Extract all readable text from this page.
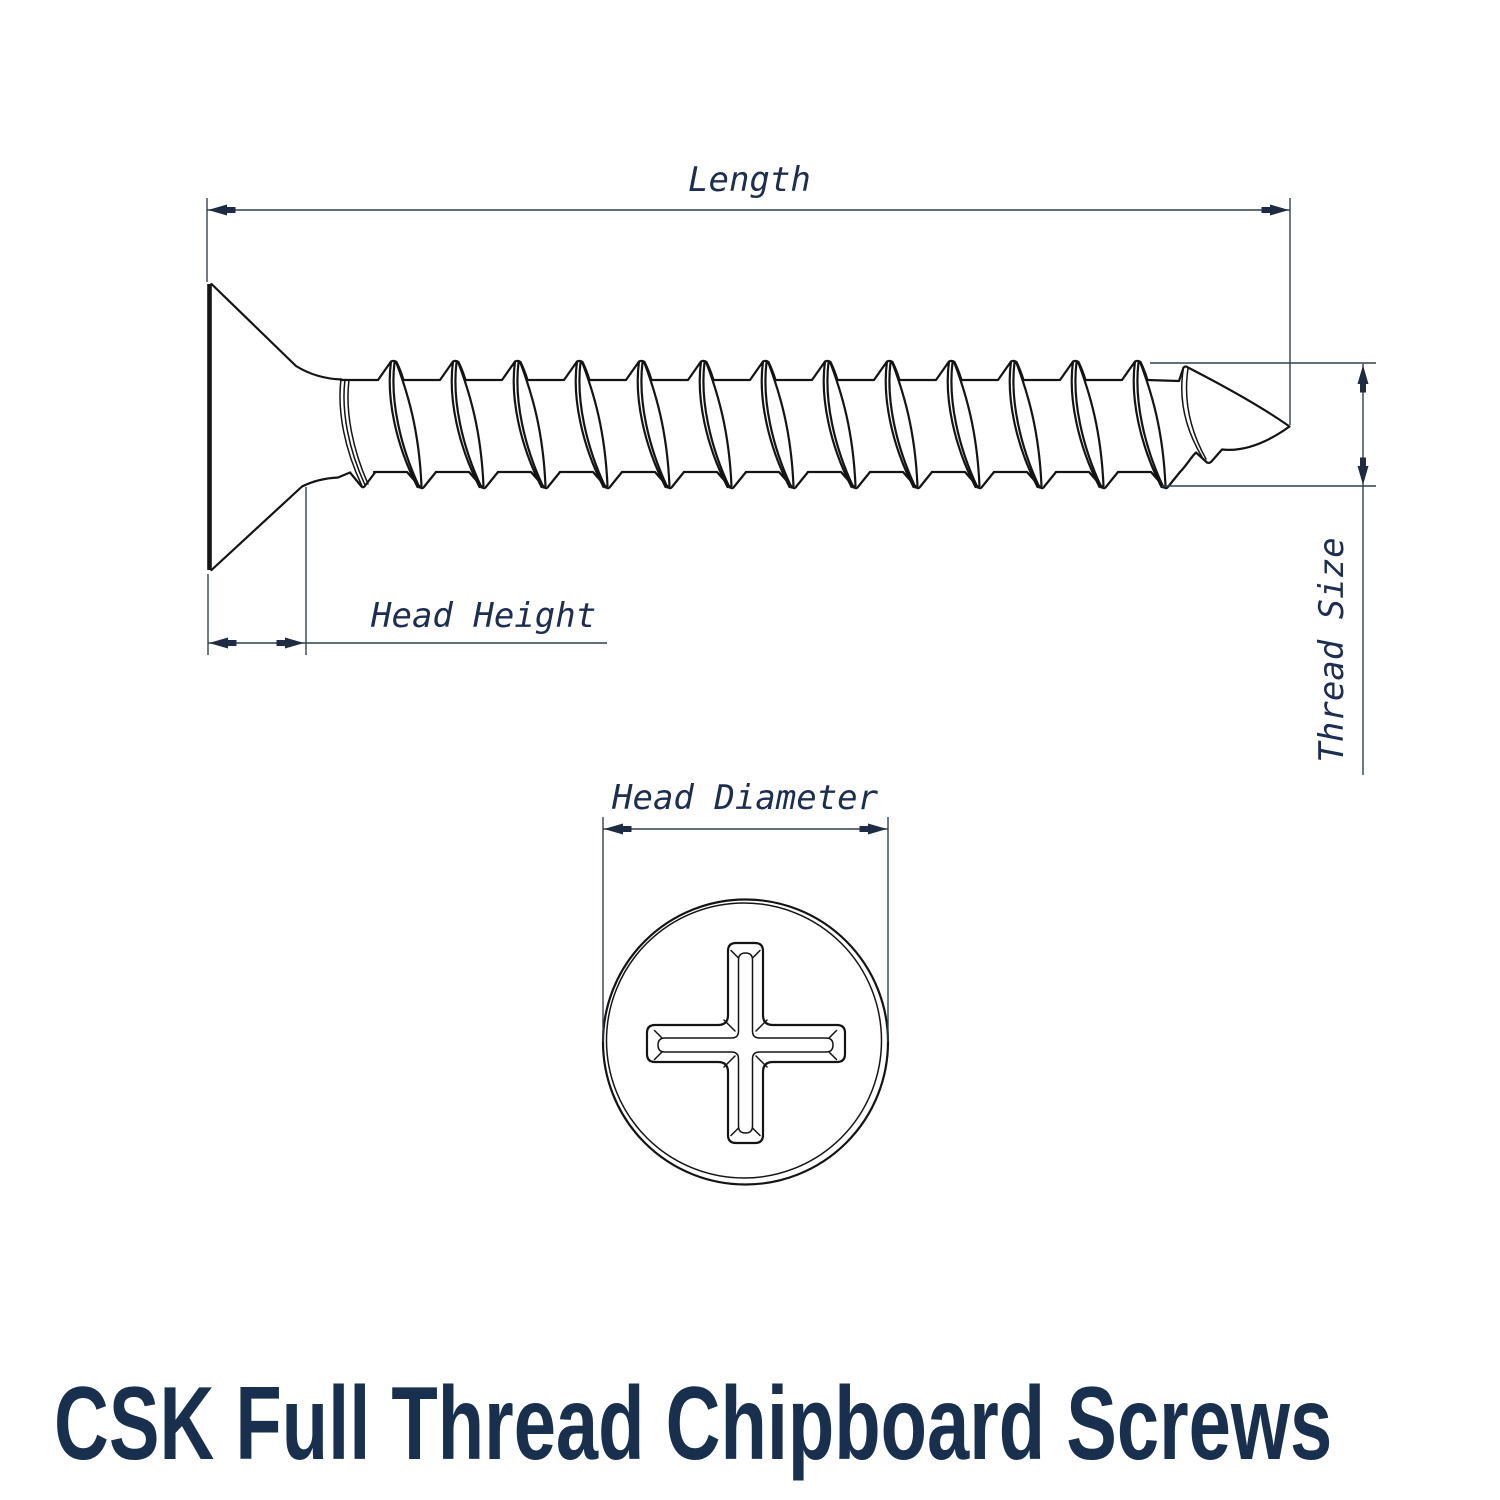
Length
Head Height	Thread Size
Head Diameter
CSK Full Thread Chipboard Screws
